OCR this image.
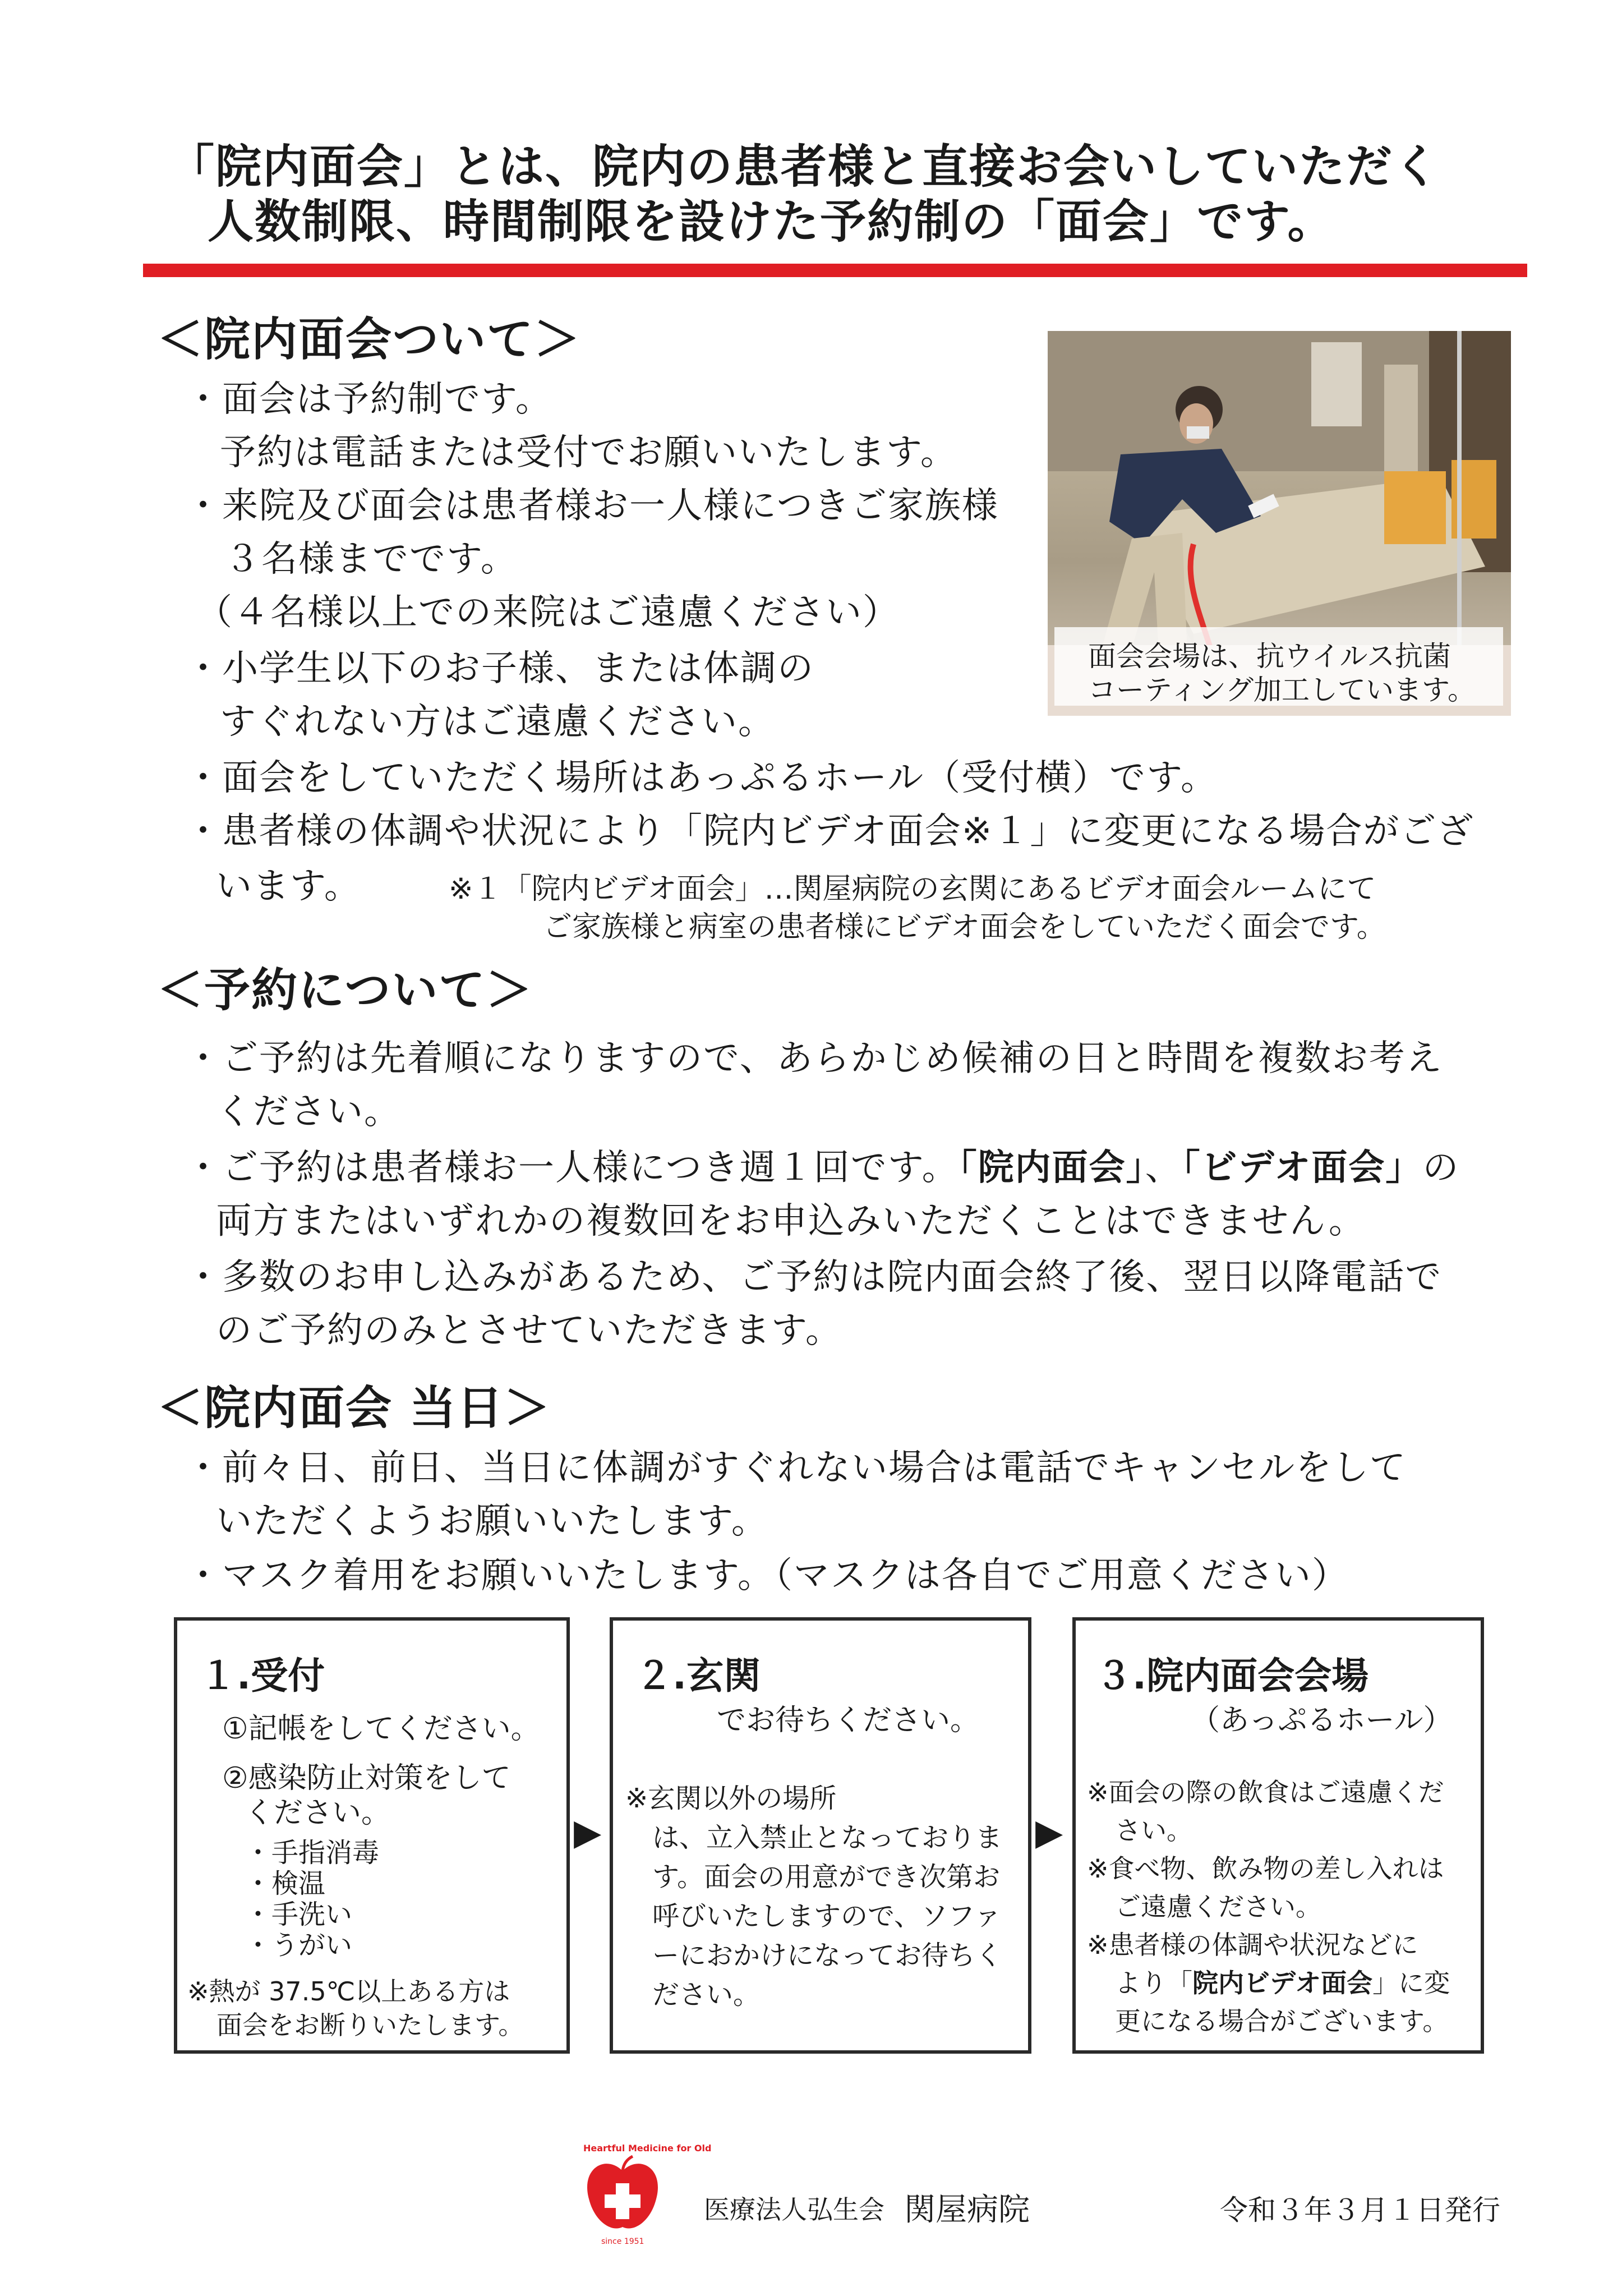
「院内面会」とは、院内の患者様と直接お会いしていただく
人数制限、時間制限を設けた予約制の「面会」です。
＜院内面会ついて＞
・面会は予約制です。
予約は電話または受付でお願いいたします。
・来院及び面会は患者様お一人様につきご家族様
３名様までです。
（４名様以上での来院はご遠慮ください）
・小学生以下のお子様、または体調の
すぐれない方はご遠慮ください。
・面会をしていただく場所はあっぷるホール（受付横）です。
・患者様の体調や状況により「院内ビデオ面会※１」に変更になる場合がござ
います。	※１「院内ビデオ面会」…関屋病院の玄関にあるビデオ面会ルームにて
ご家族様と病室の患者様にビデオ面会をしていただく面会です。
面会会場は、抗ウイルス抗菌
コーティング加工しています。
＜予約について＞
・ご予約は先着順になりますので、あらかじめ候補の日と時間を複数お考え
ください。
・ご予約は患者様お一人様につき週１回です。「院内面会」、「ビデオ面会」の
両方またはいずれかの複数回をお申込みいただくことはできません。
・多数のお申し込みがあるため、ご予約は院内面会終了後、翌日以降電話で
のご予約のみとさせていただきます。
＜院内面会 当日＞
・前々日、前日、当日に体調がすぐれない場合は電話でキャンセルをして
いただくようお願いいたします。
・マスク着用をお願いいたします。（マスクは各自でご用意ください）
１.受付
①記帳をしてください。
②感染防止対策をして
ください。
・手指消毒
・検温
・手洗い
・うがい
※熱が 37.5℃以上ある方は
面会をお断りいたします。
▶
２.玄関
でお待ちください。
※玄関以外の場所
は、立入禁止となっておりま
す。面会の用意ができ次第お
呼びいたしますので、ソファ
ーにおかけになってお待ちく
ださい。
▶
３.院内面会会場
（あっぷるホール）
※面会の際の飲食はご遠慮くだ
さい。
※食べ物、飲み物の差し入れは
ご遠慮ください。
※患者様の体調や状況などに
より「院内ビデオ面会」に変
更になる場合がございます。
Heartful Medicine for Old
since 1951
医療法人弘生会 関屋病院	令和３年３月１日発行
